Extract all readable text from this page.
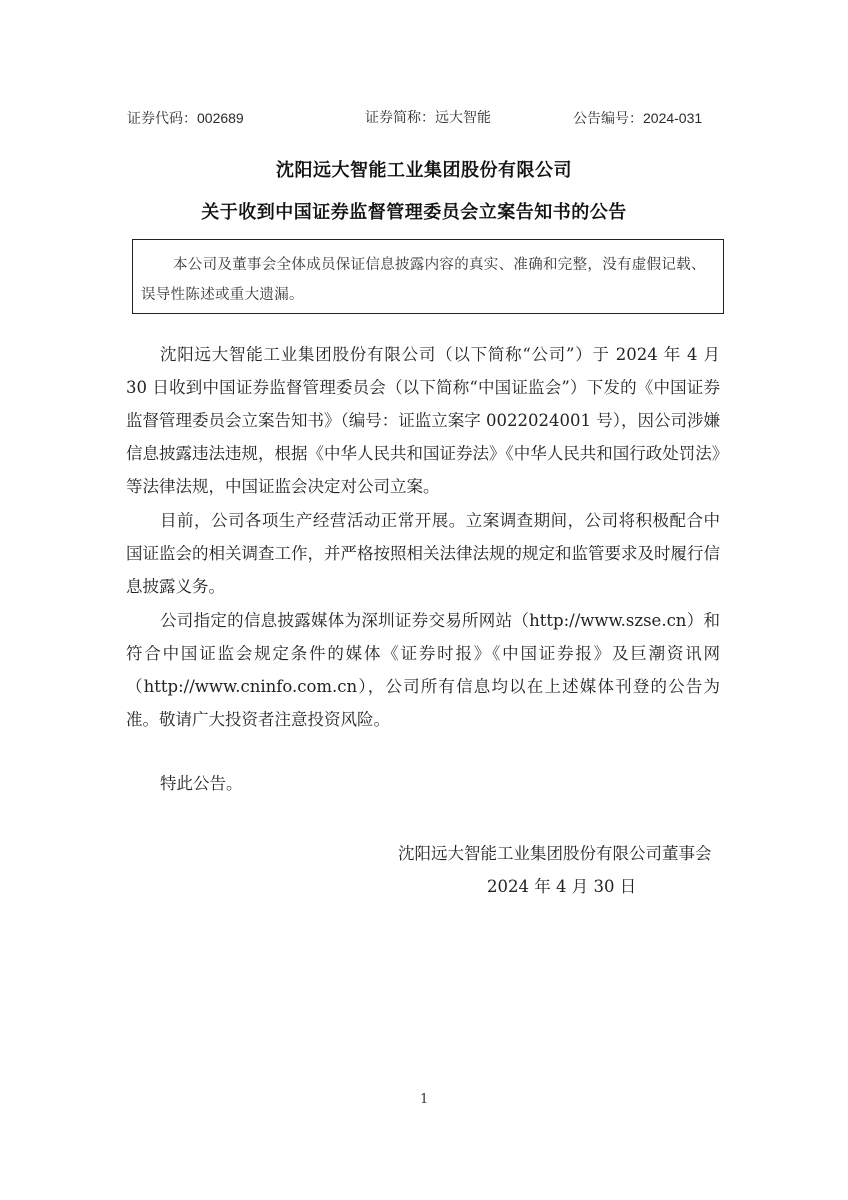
证券代码：002689	证券简称：远大智能	公告编号：2024-031
沈阳远大智能工业集团股份有限公司
关于收到中国证券监督管理委员会立案告知书的公告

本公司及董事会全体成员保证信息披露内容的真实、准确和完整，没有虚假记载、误导性陈述或重大遗漏。

沈阳远大智能工业集团股份有限公司（以下简称“公司”）于 2024 年 4 月 30 日收到中国证券监督管理委员会（以下简称“中国证监会”）下发的《中国证券监督管理委员会立案告知书》（编号：证监立案字 0022024001 号），因公司涉嫌信息披露违法违规，根据《中华人民共和国证券法》《中华人民共和国行政处罚法》等法律法规，中国证监会决定对公司立案。

目前，公司各项生产经营活动正常开展。立案调查期间，公司将积极配合中国证监会的相关调查工作，并严格按照相关法律法规的规定和监管要求及时履行信息披露义务。

公司指定的信息披露媒体为深圳证券交易所网站（http://www.szse.cn）和符合中国证监会规定条件的媒体《证券时报》《中国证券报》及巨潮资讯网（http://www.cninfo.com.cn），公司所有信息均以在上述媒体刊登的公告为准。敬请广大投资者注意投资风险。

特此公告。
沈阳远大智能工业集团股份有限公司董事会
2024 年 4 月 30 日
1
